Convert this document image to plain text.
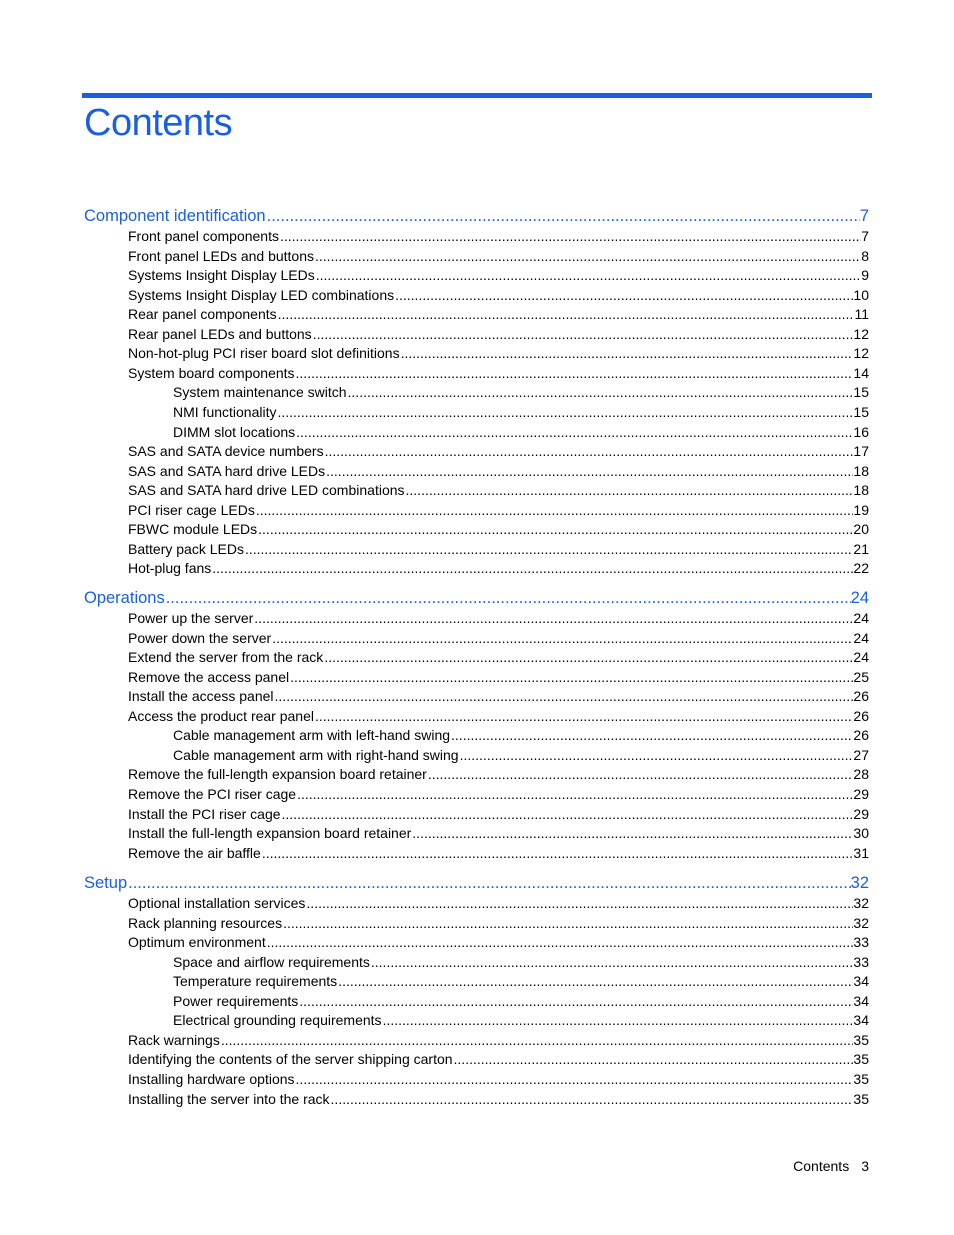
Contents
Component identification .....	7
Front panel components .....	7
Front panel LEDs and buttons .....	8
Systems Insight Display LEDs .....	9
Systems Insight Display LED combinations .....	10
Rear panel components .....	11
Rear panel LEDs and buttons .....	12
Non-hot-plug PCI riser board slot definitions .....	12
System board components .....	14
System maintenance switch .....	15
NMI functionality .....	15
DIMM slot locations .....	16
SAS and SATA device numbers .....	17
SAS and SATA hard drive LEDs .....	18
SAS and SATA hard drive LED combinations .....	18
PCI riser cage LEDs .....	19
FBWC module LEDs .....	20
Battery pack LEDs .....	21
Hot-plug fans .....	22
Operations .....	24
Power up the server .....	24
Power down the server .....	24
Extend the server from the rack .....	24
Remove the access panel .....	25
Install the access panel .....	26
Access the product rear panel .....	26
Cable management arm with left-hand swing .....	26
Cable management arm with right-hand swing .....	27
Remove the full-length expansion board retainer .....	28
Remove the PCI riser cage .....	29
Install the PCI riser cage .....	29
Install the full-length expansion board retainer .....	30
Remove the air baffle .....	31
Setup .....	32
Optional installation services .....	32
Rack planning resources .....	32
Optimum environment .....	33
Space and airflow requirements .....	33
Temperature requirements .....	34
Power requirements .....	34
Electrical grounding requirements .....	34
Rack warnings .....	35
Identifying the contents of the server shipping carton .....	35
Installing hardware options .....	35
Installing the server into the rack .....	35
Contents 3
